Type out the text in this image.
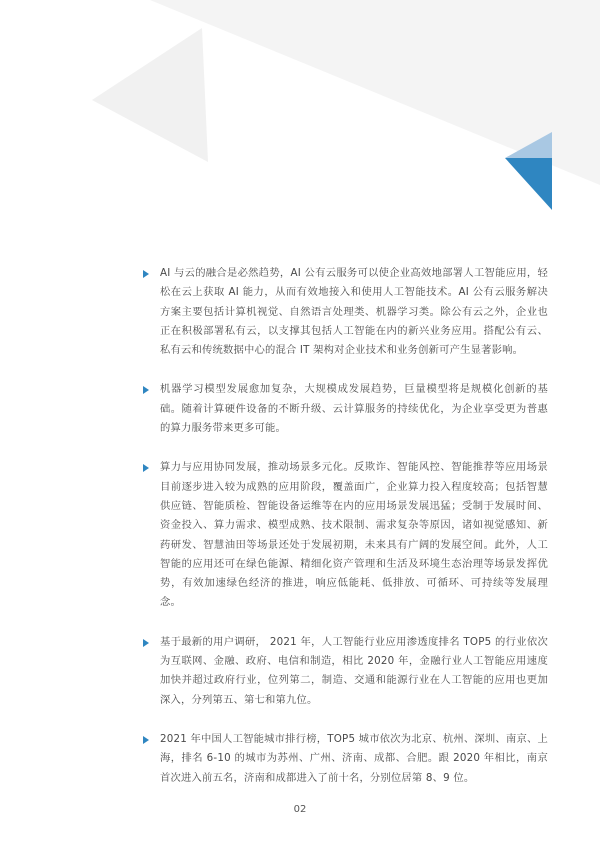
AI 与云的融合是必然趋势，AI 公有云服务可以使企业高效地部署人工智能应用，轻松在云上获取 AI 能力，从而有效地接入和使用人工智能技术。AI 公有云服务解决方案主要包括计算机视觉、自然语言处理类、机器学习类。除公有云之外，企业也正在积极部署私有云，以支撑其包括人工智能在内的新兴业务应用。搭配公有云、私有云和传统数据中心的混合 IT 架构对企业技术和业务创新可产生显著影响。
机器学习模型发展愈加复杂，大规模成发展趋势，巨量模型将是规模化创新的基础。随着计算硬件设备的不断升级、云计算服务的持续优化，为企业享受更为普惠的算力服务带来更多可能。
算力与应用协同发展，推动场景多元化。反欺诈、智能风控、智能推荐等应用场景目前逐步进入较为成熟的应用阶段，覆盖面广，企业算力投入程度较高；包括智慧供应链、智能质检、智能设备运维等在内的应用场景发展迅猛；受制于发展时间、资金投入、算力需求、模型成熟、技术限制、需求复杂等原因，诸如视觉感知、新药研发、智慧油田等场景还处于发展初期，未来具有广阔的发展空间。此外，人工智能的应用还可在绿色能源、精细化资产管理和生活及环境生态治理等场景发挥优势，有效加速绿色经济的推进，响应低能耗、低排放、可循环、可持续等发展理念。
基于最新的用户调研， 2021 年，人工智能行业应用渗透度排名 TOP5 的行业依次为互联网、金融、政府、电信和制造，相比 2020 年，金融行业人工智能应用速度加快并超过政府行业，位列第二，制造、交通和能源行业在人工智能的应用也更加深入，分列第五、第七和第九位。
2021 年中国人工智能城市排行榜，TOP5 城市依次为北京、杭州、深圳、南京、上海，排名 6-10 的城市为苏州、广州、济南、成都、合肥。跟 2020 年相比，南京首次进入前五名，济南和成都进入了前十名，分别位居第 8、9 位。
02
